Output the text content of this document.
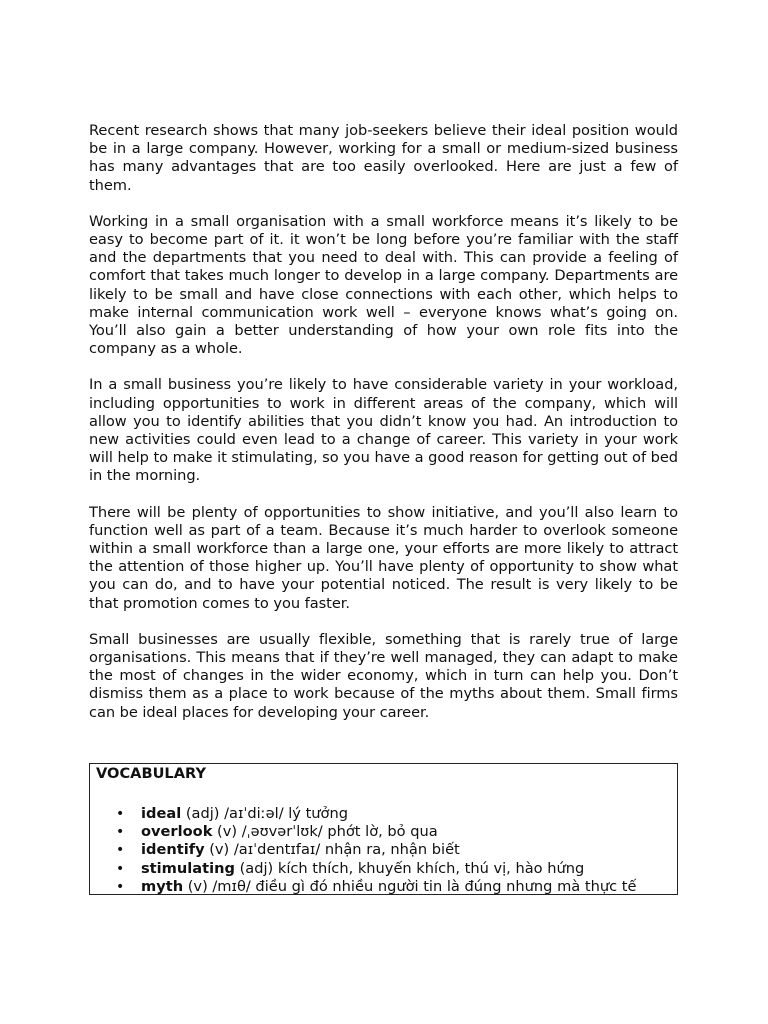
Recent research shows that many job-seekers believe their ideal position would be in a large company. However, working for a small or medium-sized business has many advantages that are too easily overlooked. Here are just a few of them.

Working in a small organisation with a small workforce means it’s likely to be easy to become part of it. it won’t be long before you’re familiar with the staff and the departments that you need to deal with. This can provide a feeling of comfort that takes much longer to develop in a large company. Departments are likely to be small and have close connections with each other, which helps to make internal communication work well – everyone knows what’s going on. You’ll also gain a better understanding of how your own role fits into the company as a whole.

In a small business you’re likely to have considerable variety in your workload, including opportunities to work in different areas of the company, which will allow you to identify abilities that you didn’t know you had. An introduction to new activities could even lead to a change of career. This variety in your work will help to make it stimulating, so you have a good reason for getting out of bed in the morning.

There will be plenty of opportunities to show initiative, and you’ll also learn to function well as part of a team. Because it’s much harder to overlook someone within a small workforce than a large one, your efforts are more likely to attract the attention of those higher up. You’ll have plenty of opportunity to show what you can do, and to have your potential noticed. The result is very likely to be that promotion comes to you faster.

Small businesses are usually flexible, something that is rarely true of large organisations. This means that if they’re well managed, they can adapt to make the most of changes in the wider economy, which in turn can help you. Don’t dismiss them as a place to work because of the myths about them. Small firms can be ideal places for developing your career.

VOCABULARY
• ideal (adj) /aɪˈdiːəl/ lý tưởng
• overlook (v) /ˌəʊvərˈlʊk/ phớt lờ, bỏ qua
• identify (v) /aɪˈdentɪfaɪ/ nhận ra, nhận biết
• stimulating (adj) kích thích, khuyến khích, thú vị, hào hứng
• myth (v) /mɪθ/ điều gì đó nhiều người tin là đúng nhưng mà thực tế
